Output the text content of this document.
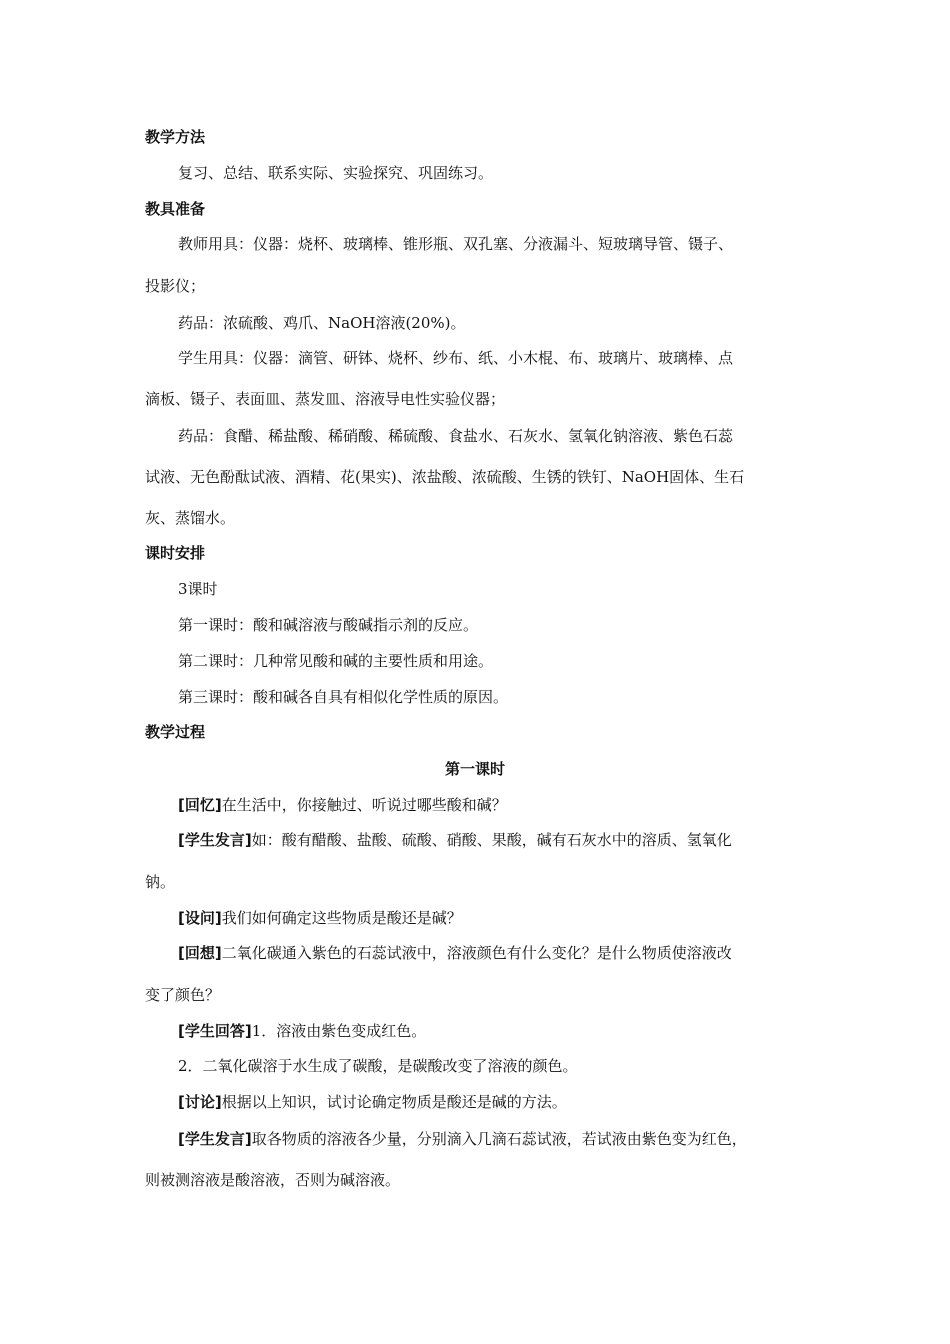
教学方法
复习、总结、联系实际、实验探究、巩固练习。
教具准备
教师用具：仪器：烧杯、玻璃棒、锥形瓶、双孔塞、分液漏斗、短玻璃导管、镊子、
投影仪；
药品：浓硫酸、鸡爪、NaOH溶液(20%)。
学生用具：仪器：滴管、研钵、烧杯、纱布、纸、小木棍、布、玻璃片、玻璃棒、点
滴板、镊子、表面皿、蒸发皿、溶液导电性实验仪器；
药品：食醋、稀盐酸、稀硝酸、稀硫酸、食盐水、石灰水、氢氧化钠溶液、紫色石蕊
试液、无色酚酞试液、酒精、花(果实)、浓盐酸、浓硫酸、生锈的铁钉、NaOH固体、生石
灰、蒸馏水。
课时安排
3课时
第一课时：酸和碱溶液与酸碱指示剂的反应。
第二课时：几种常见酸和碱的主要性质和用途。
第三课时：酸和碱各自具有相似化学性质的原因。
教学过程
第一课时
[回忆]在生活中，你接触过、听说过哪些酸和碱？
[学生发言]如：酸有醋酸、盐酸、硫酸、硝酸、果酸，碱有石灰水中的溶质、氢氧化
钠。
[设问]我们如何确定这些物质是酸还是碱？
[回想]二氧化碳通入紫色的石蕊试液中，溶液颜色有什么变化？是什么物质使溶液改
变了颜色？
[学生回答]1．溶液由紫色变成红色。
2．二氧化碳溶于水生成了碳酸，是碳酸改变了溶液的颜色。
[讨论]根据以上知识，试讨论确定物质是酸还是碱的方法。
[学生发言]取各物质的溶液各少量，分别滴入几滴石蕊试液，若试液由紫色变为红色，
则被测溶液是酸溶液，否则为碱溶液。
